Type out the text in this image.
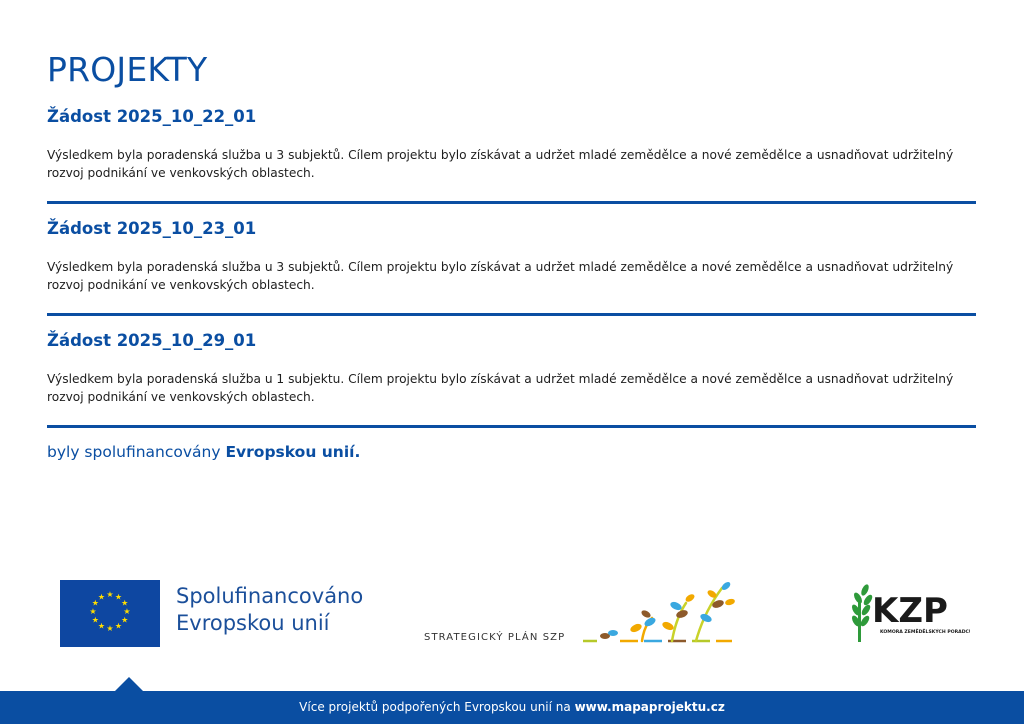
PROJEKTY
Žádost 2025_10_22_01
Výsledkem byla poradenská služba u 3 subjektů. Cílem projektu bylo získávat a udržet mladé zemědělce a nové zemědělce a usnadňovat udržitelný rozvoj podnikání ve venkovských oblastech.
Žádost 2025_10_23_01
Výsledkem byla poradenská služba u 3 subjektů. Cílem projektu bylo získávat a udržet mladé zemědělce a nové zemědělce a usnadňovat udržitelný rozvoj podnikání ve venkovských oblastech.
Žádost 2025_10_29_01
Výsledkem byla poradenská služba u 1 subjektu. Cílem projektu bylo získávat a udržet mladé zemědělce a nové zemědělce a usnadňovat udržitelný rozvoj podnikání ve venkovských oblastech.
byly spolufinancovány Evropskou unií.
★ ★
★
★
★
★
★
★
★
★
★
★	Spolufinancováno
Evropskou unií
STRATEGICKÝ PLÁN SZP
KZP
KOMORA ZEMĚDĚLSKÝCH PORADCŮ
Více projektů podpořených Evropskou unií na www.mapaprojektu.cz
